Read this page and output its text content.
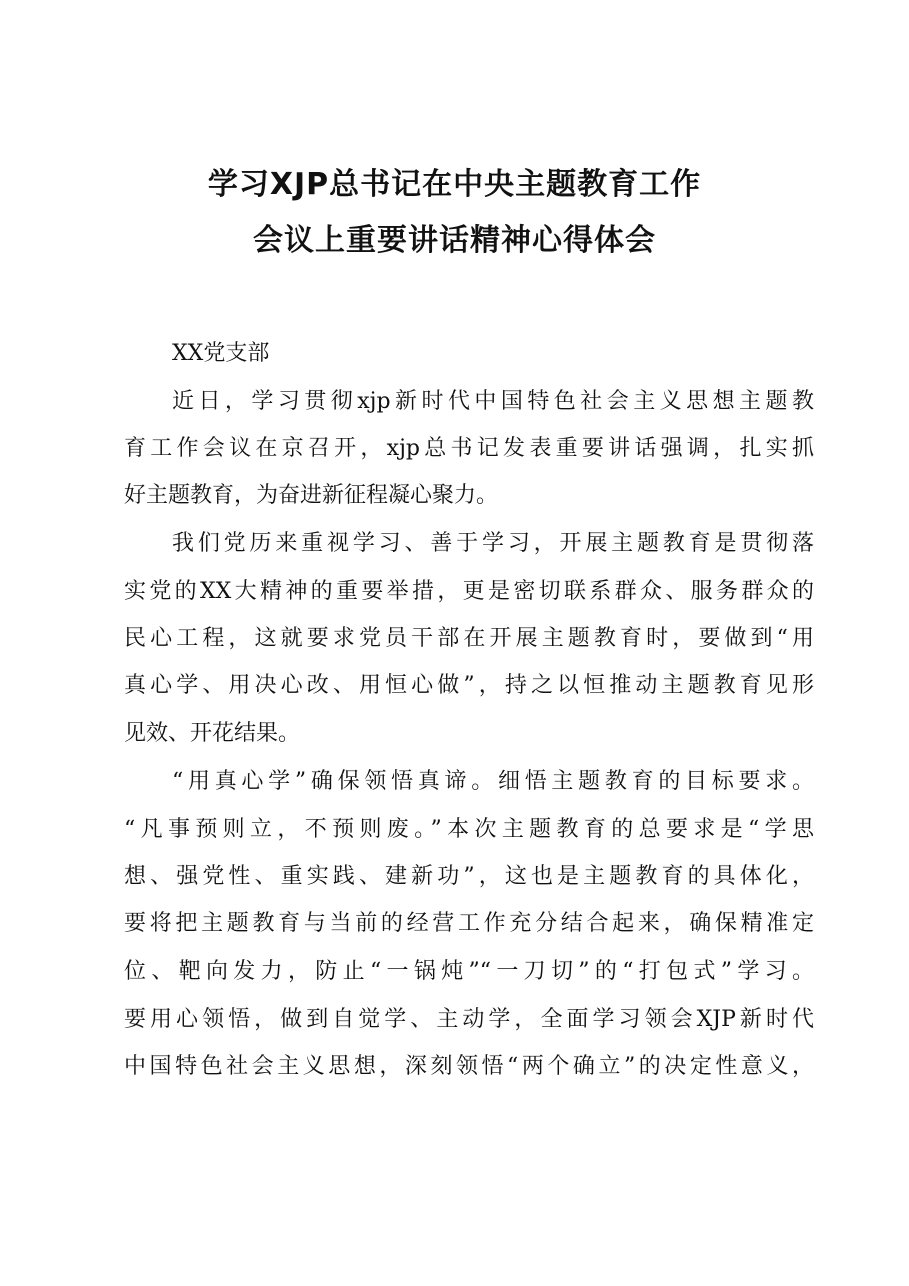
学习XJP总书记在中央主题教育工作
会议上重要讲话精神心得体会
XX党支部
近日，学习贯彻xjp新时代中国特色社会主义思想主题教
育工作会议在京召开，xjp总书记发表重要讲话强调，扎实抓
好主题教育，为奋进新征程凝心聚力。
我们党历来重视学习、善于学习，开展主题教育是贯彻落
实党的XX大精神的重要举措，更是密切联系群众、服务群众的
民心工程，这就要求党员干部在开展主题教育时，要做到“用
真心学、用决心改、用恒心做”，持之以恒推动主题教育见形
见效、开花结果。
“用真心学”确保领悟真谛。细悟主题教育的目标要求。
“凡事预则立，不预则废。”本次主题教育的总要求是“学思
想、强党性、重实践、建新功”，这也是主题教育的具体化，
要将把主题教育与当前的经营工作充分结合起来，确保精准定
位、靶向发力，防止“一锅炖”“一刀切”的“打包式”学习。
要用心领悟，做到自觉学、主动学，全面学习领会XJP新时代
中国特色社会主义思想，深刻领悟“两个确立”的决定性意义，
